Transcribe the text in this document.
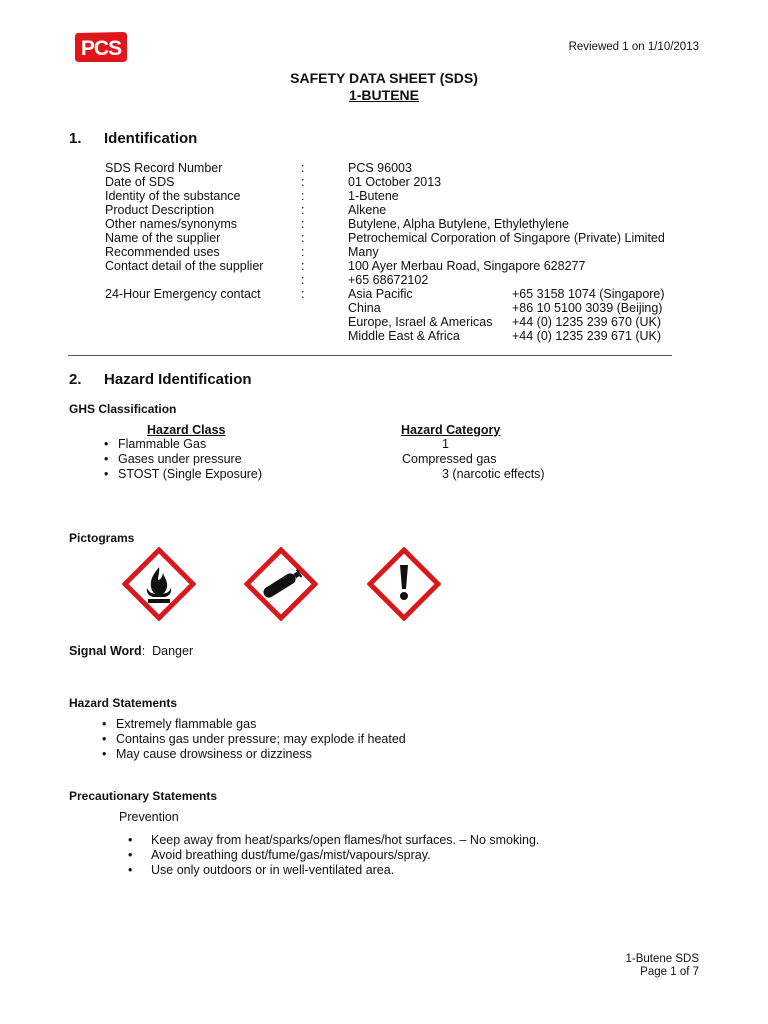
PCS	Reviewed 1 on 1/10/2013
SAFETY DATA SHEET (SDS)
1-BUTENE
1. Identification
SDS Record Number	:	PCS 96003
Date of SDS	:	01 October 2013
Identity of the substance	:	1-Butene
Product Description	:	Alkene
Other names/synonyms	:	Butylene, Alpha Butylene, Ethylethylene
Name of the supplier	:	Petrochemical Corporation of Singapore (Private) Limited
Recommended uses	:	Many
Contact detail of the supplier	:	100 Ayer Merbau Road, Singapore 628277
:	+65 68672102
24-Hour Emergency contact	:	Asia Pacific	+65 3158 1074 (Singapore)
China	+86 10 5100 3039 (Beijing)
Europe, Israel & Americas +44 (0) 1235 239 670 (UK)
Middle East & Africa	+44 (0) 1235 239 671 (UK)
2. Hazard Identification
GHS Classification
Hazard Class	Hazard Category
• Flammable Gas	1
• Gases under pressure	Compressed gas
• STOST (Single Exposure)	3 (narcotic effects)
Pictograms
Signal Word:  Danger
Hazard Statements
• Extremely flammable gas
• Contains gas under pressure; may explode if heated
• May cause drowsiness or dizziness
Precautionary Statements
Prevention
• Keep away from heat/sparks/open flames/hot surfaces. – No smoking.
• Avoid breathing dust/fume/gas/mist/vapours/spray.
• Use only outdoors or in well-ventilated area.
1-Butene SDS
Page 1 of 7
